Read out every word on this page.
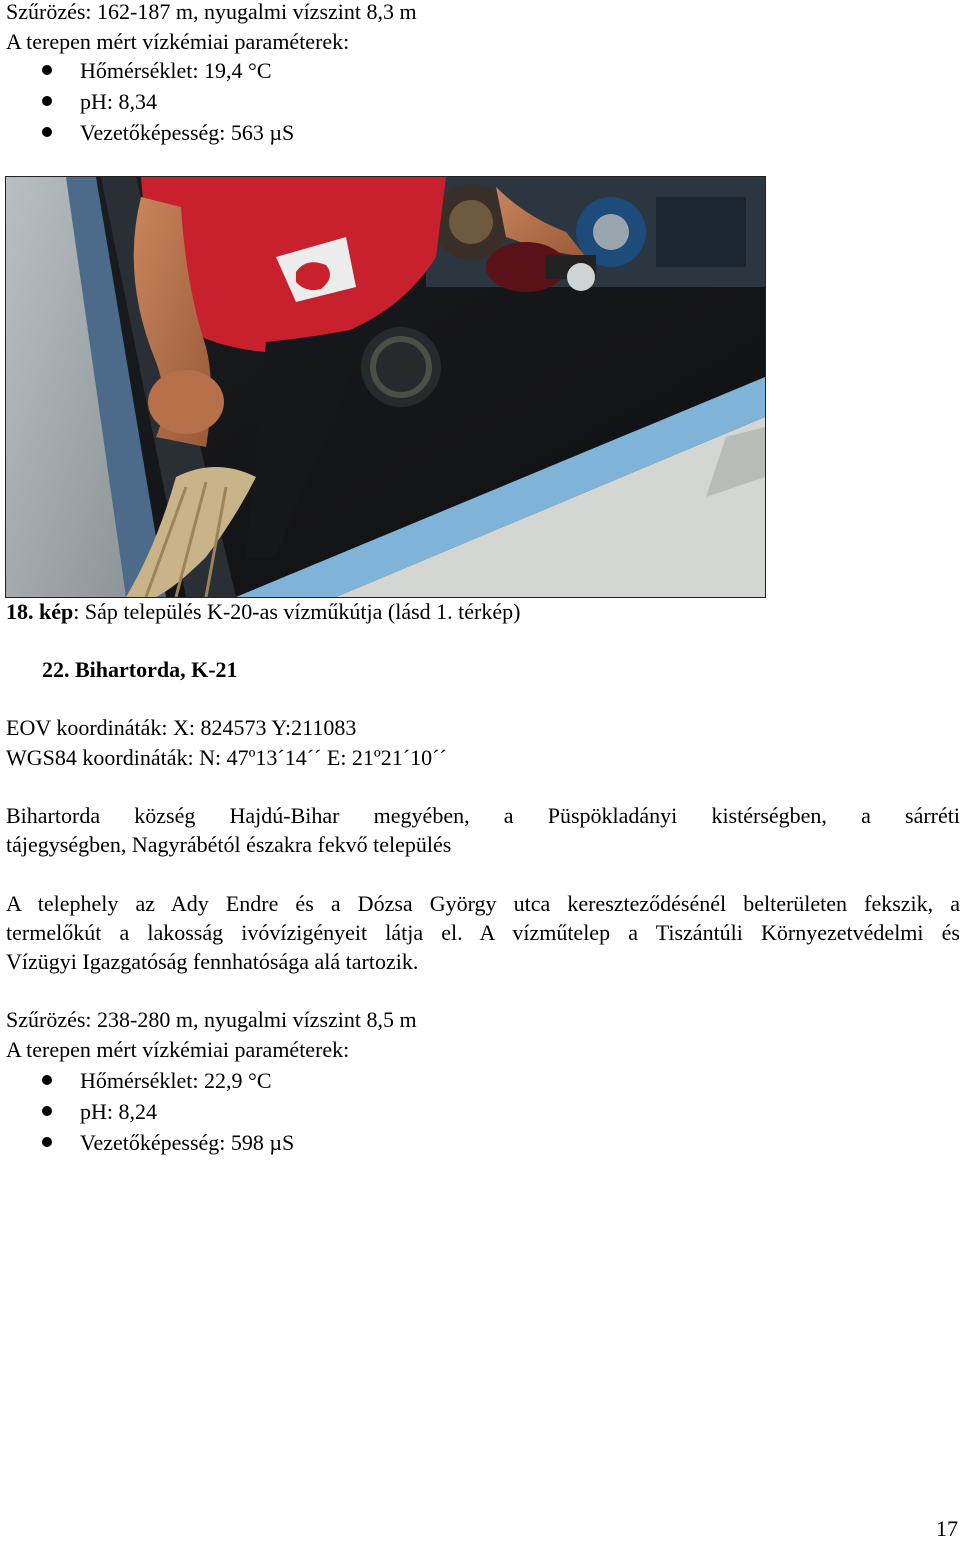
Szűrözés: 162-187 m, nyugalmi vízszint 8,3 m
A terepen mért vízkémiai paraméterek:
Hőmérséklet: 19,4 °C
pH: 8,34
Vezetőképesség: 563 µS
18. kép: Sáp település K-20-as vízműkútja (lásd 1. térkép)
22. Bihartorda, K-21
EOV koordináták: X: 824573 Y:211083
WGS84 koordináták: N: 47º13´14´´ E: 21º21´10´´
Bihartorda község Hajdú-Bihar megyében, a Püspökladányi kistérségben, a sárréti
tájegységben, Nagyrábétól északra fekvő település
A telephely az Ady Endre és a Dózsa György utca kereszteződésénél belterületen fekszik, a
termelőkút a lakosság ivóvízigényeit látja el. A vízműtelep a Tiszántúli Környezetvédelmi és
Vízügyi Igazgatóság fennhatósága alá tartozik.
Szűrözés: 238-280 m, nyugalmi vízszint 8,5 m
A terepen mért vízkémiai paraméterek:
Hőmérséklet: 22,9 °C
pH: 8,24
Vezetőképesség: 598 µS
17
